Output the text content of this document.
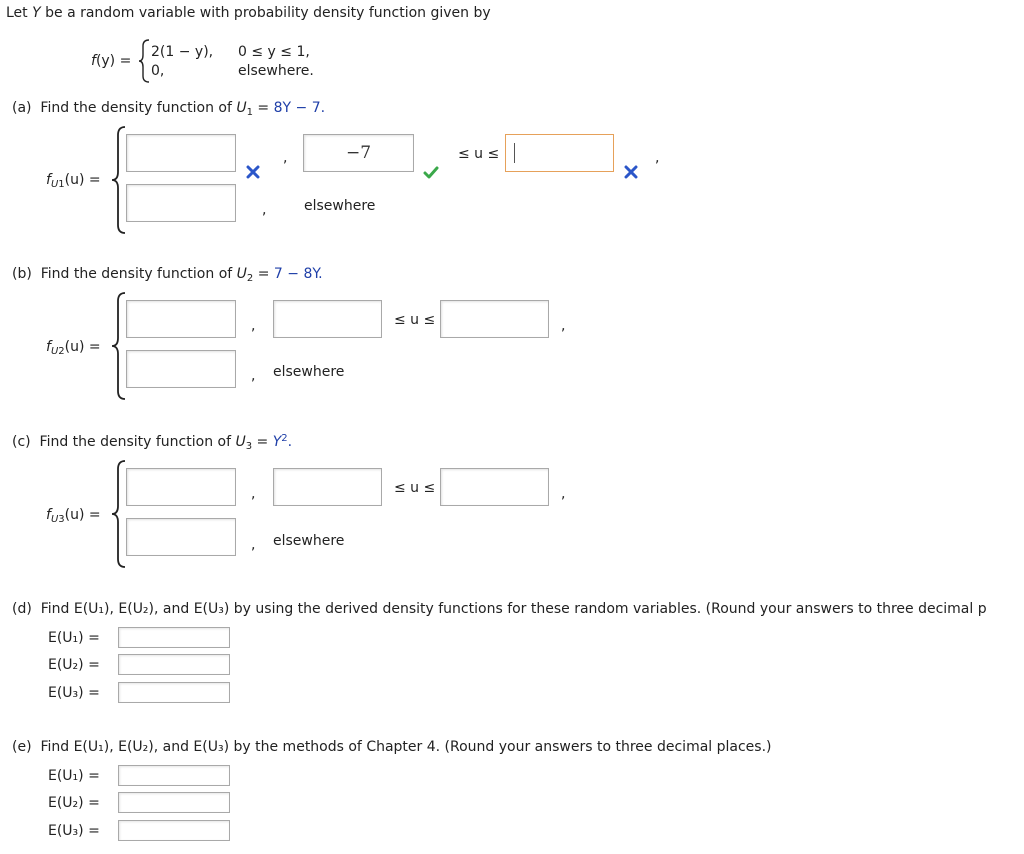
Let Y be a random variable with probability density function given by
f(y) =
2(1 − y), 0 ≤ y ≤ 1,
0,	elsewhere.
(a) Find the density function of $U_1 = 8Y - 7$.
$f_{U1}(u)$ =
,	−7	≤ u ≤	,
,	elsewhere
(b) Find the density function of $U_2 = 7 - 8Y$.
$f_{U2}(u)$ =
,	≤ u ≤	,
, elsewhere
(c) Find the density function of $U_3 = Y^2$.
$f_{U3}(u)$ =
,	≤ u ≤	,
, elsewhere
(d) Find E(U₁), E(U₂), and E(U₃) by using the derived density functions for these random variables. (Round your answers to three decimal p
E(U₁) =
E(U₂) =
E(U₃) =
(e) Find E(U₁), E(U₂), and E(U₃) by the methods of Chapter 4. (Round your answers to three decimal places.)
E(U₁) =
E(U₂) =
E(U₃) =
